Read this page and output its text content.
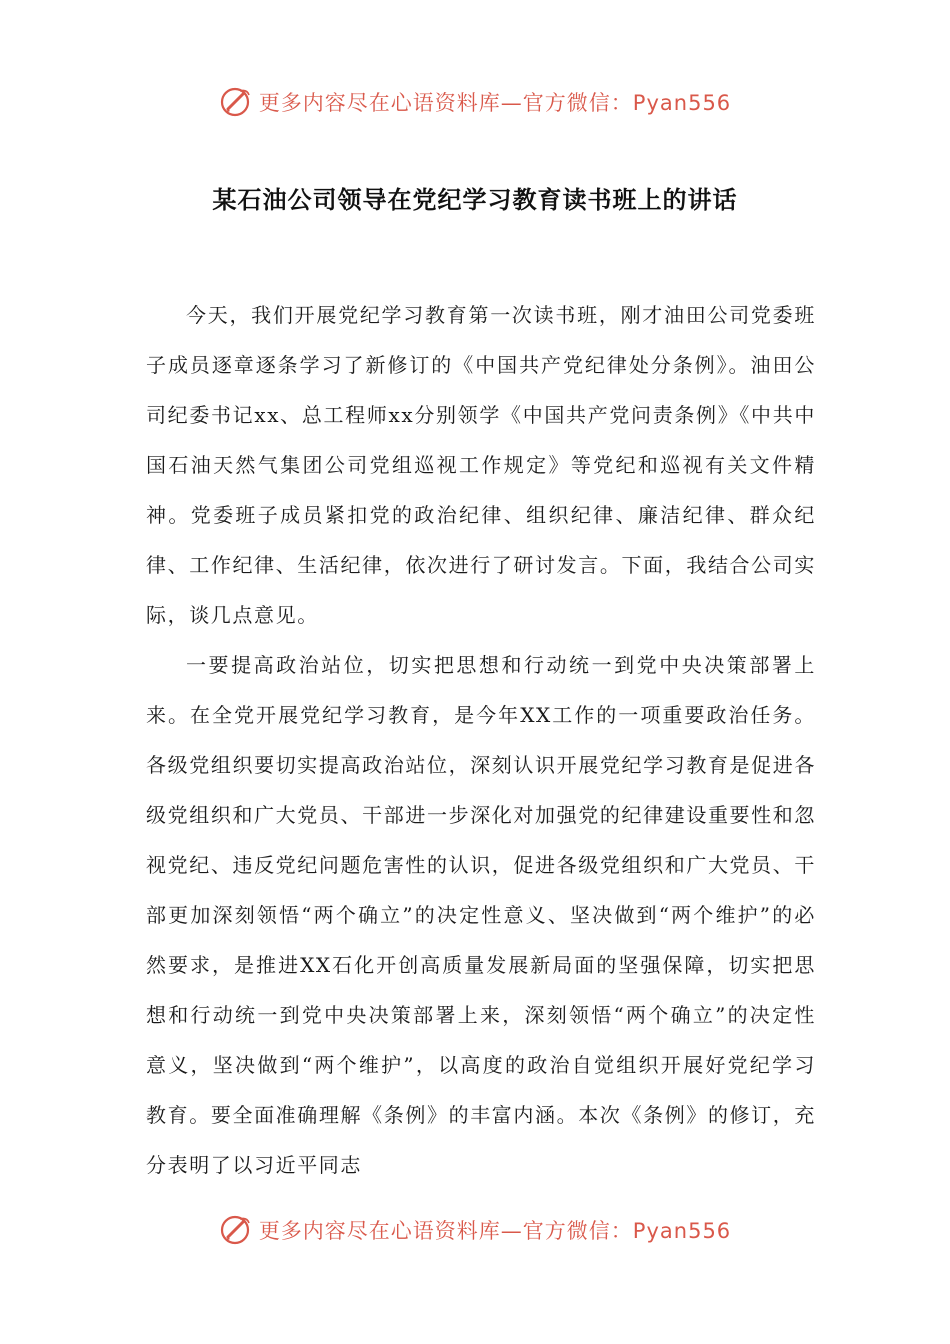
更多内容尽在心语资料库—官方微信：Pyan556
某石油公司领导在党纪学习教育读书班上的讲话

今天，我们开展党纪学习教育第一次读书班，刚才油田公司党委班子成员逐章逐条学习了新修订的《中国共产党纪律处分条例》。油田公司纪委书记xx、总工程师xx分别领学《中国共产党问责条例》《中共中国石油天然气集团公司党组巡视工作规定》等党纪和巡视有关文件精神。党委班子成员紧扣党的政治纪律、组织纪律、廉洁纪律、群众纪律、工作纪律、生活纪律，依次进行了研讨发言。下面，我结合公司实际，谈几点意见。

一要提高政治站位，切实把思想和行动统一到党中央决策部署上来。在全党开展党纪学习教育，是今年XX工作的一项重要政治任务。各级党组织要切实提高政治站位，深刻认识开展党纪学习教育是促进各级党组织和广大党员、干部进一步深化对加强党的纪律建设重要性和忽视党纪、违反党纪问题危害性的认识，促进各级党组织和广大党员、干部更加深刻领悟“两个确立”的决定性意义、坚决做到“两个维护”的必然要求，是推进XX石化开创高质量发展新局面的坚强保障，切实把思想和行动统一到党中央决策部署上来，深刻领悟“两个确立”的决定性意义，坚决做到“两个维护”，以高度的政治自觉组织开展好党纪学习教育。要全面准确理解《条例》的丰富内涵。本次《条例》的修订，充分表明了以习近平同志

更多内容尽在心语资料库—官方微信：Pyan556
